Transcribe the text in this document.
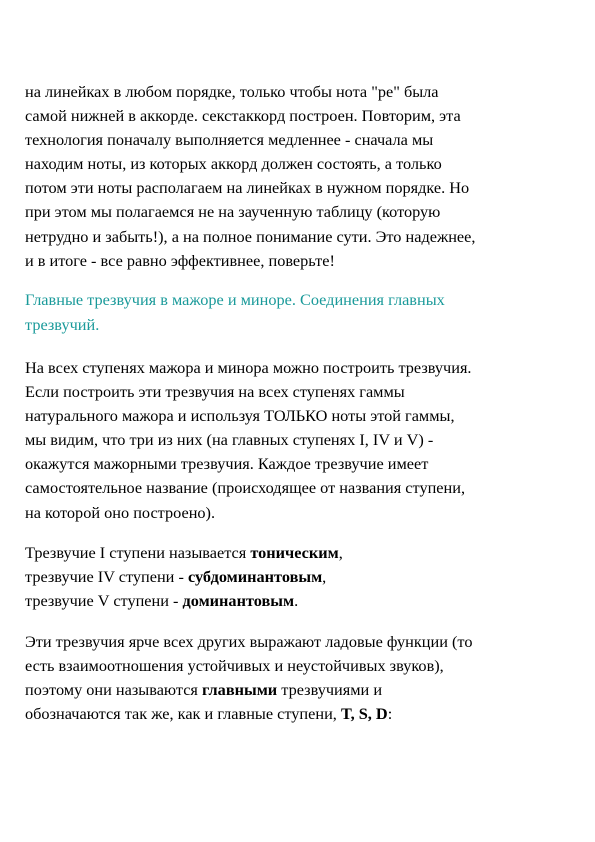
на линейках в любом порядке, только чтобы нота "ре" была
самой нижней в аккорде. секстаккорд построен. Повторим, эта
технология поначалу выполняется медленнее - сначала мы
находим ноты, из которых аккорд должен состоять, а только
потом эти ноты располагаем на линейках в нужном порядке. Но
при этом мы полагаемся не на заученную таблицу (которую
нетрудно и забыть!), а на полное понимание сути. Это надежнее,
и в итоге - все равно эффективнее, поверьте!
Главные трезвучия в мажоре и миноре. Соединения главных
трезвучий.
На всех ступенях мажора и минора можно построить трезвучия.
Если построить эти трезвучия на всех ступенях гаммы
натурального мажора и используя ТОЛЬКО ноты этой гаммы,
мы видим, что три из них (на главных ступенях I, IV и V) -
окажутся мажорными трезвучия. Каждое трезвучие имеет
самостоятельное название (происходящее от названия ступени,
на которой оно построено).
Трезвучие I ступени называется тоническим,
трезвучие IV ступени - субдоминантовым,
трезвучие V ступени - доминантовым.
Эти трезвучия ярче всех других выражают ладовые функции (то
есть взаимоотношения устойчивых и неустойчивых звуков),
поэтому они называются главными трезвучиями и
обозначаются так же, как и главные ступени, T, S, D:
